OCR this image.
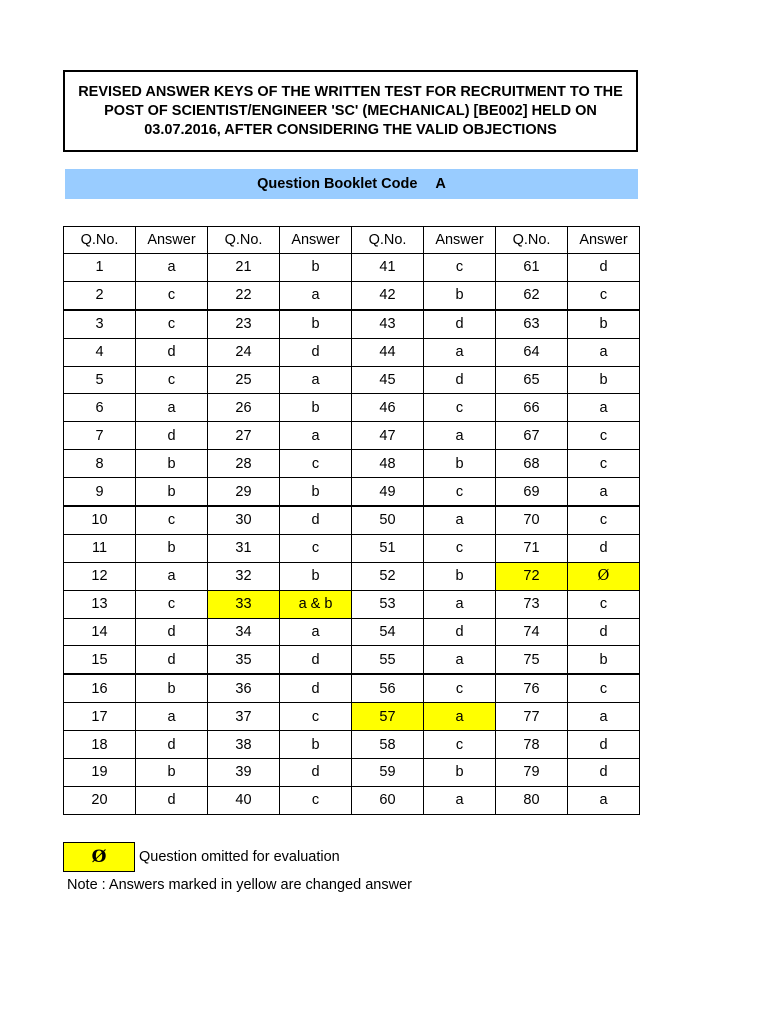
REVISED ANSWER KEYS OF THE WRITTEN TEST FOR RECRUITMENT TO THE
POST OF SCIENTIST/ENGINEER 'SC' (MECHANICAL) [BE002] HELD ON
03.07.2016, AFTER CONSIDERING THE VALID OBJECTIONS
Question Booklet Code A
Q.No.	Answer	Q.No.	Answer	Q.No.	Answer	Q.No.	Answer
1	a	21	b	41	c	61	d
2	c	22	a	42	b	62	c
3	c	23	b	43	d	63	b
4	d	24	d	44	a	64	a
5	c	25	a	45	d	65	b
6	a	26	b	46	c	66	a
7	d	27	a	47	a	67	c
8	b	28	c	48	b	68	c
9	b	29	b	49	c	69	a
10	c	30	d	50	a	70	c
11	b	31	c	51	c	71	d
12	a	32	b	52	b	72	Ø
13	c	33	a & b	53	a	73	c
14	d	34	a	54	d	74	d
15	d	35	d	55	a	75	b
16	b	36	d	56	c	76	c
17	a	37	c	57	a	77	a
18	d	38	b	58	c	78	d
19	b	39	d	59	b	79	d
20	d	40	c	60	a	80	a
Ø	Question omitted for evaluation
Note : Answers marked in yellow are changed answer
